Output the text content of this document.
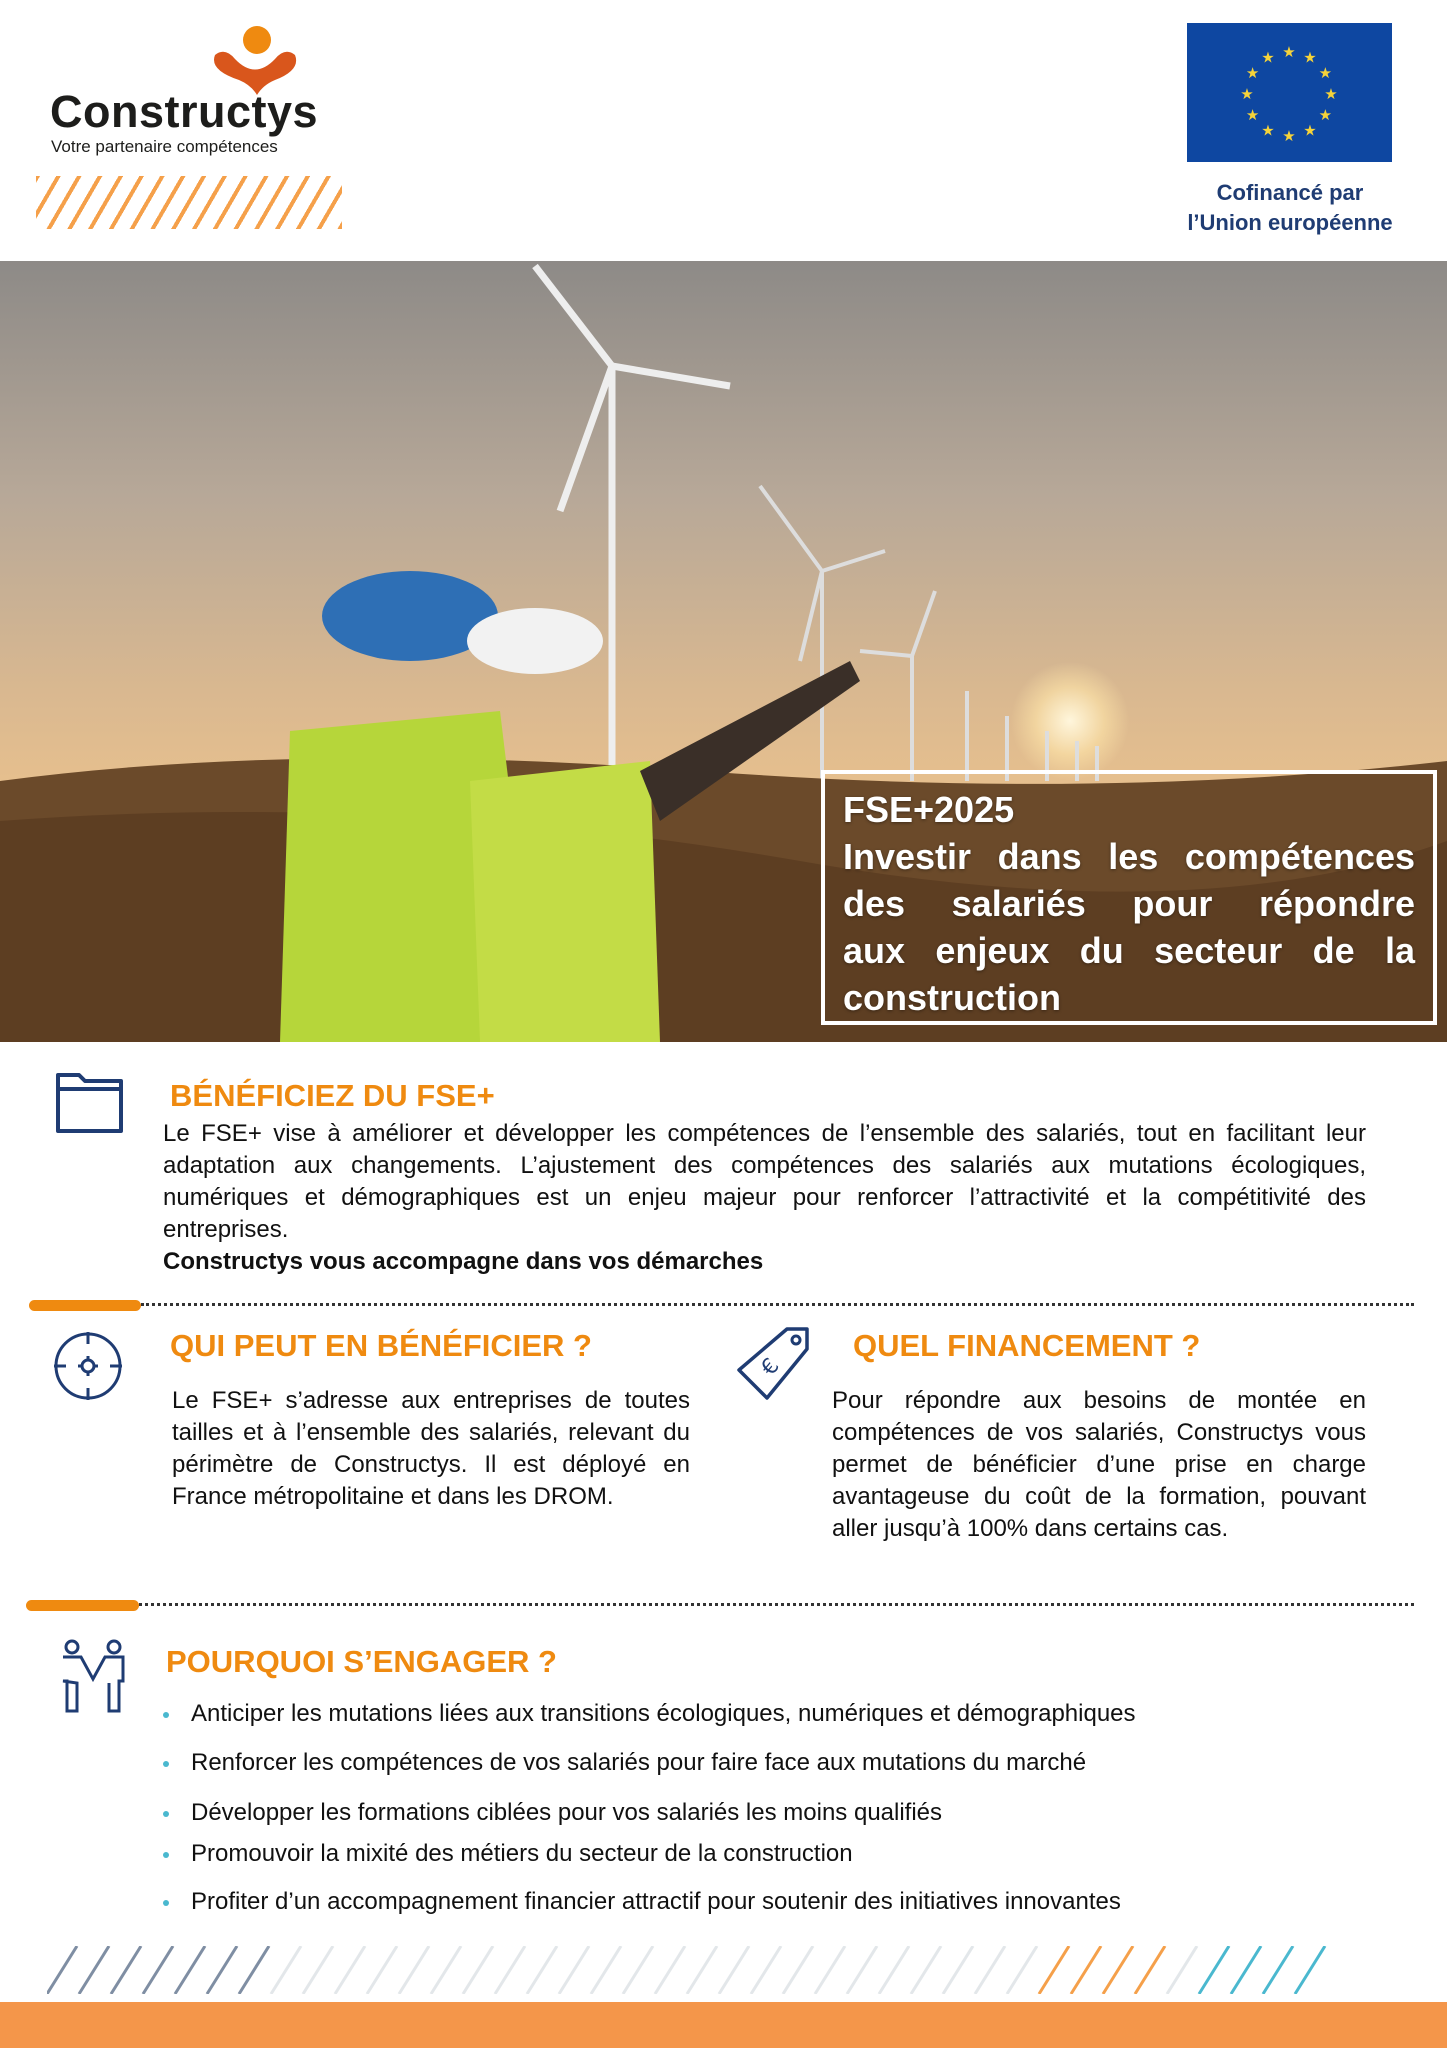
Constructys
Votre partenaire compétences
★ ★
★
★
★
★
★
★
★
★
★
★
Cofinancé par
l’Union européenne
FSE+2025
Investir dans les compétences
des salariés pour répondre
aux enjeux du secteur de la
construction
BÉNÉFICIEZ DU FSE+
Le FSE+ vise à améliorer et développer les compétences de l’ensemble des salariés, tout en facilitant leur adaptation aux changements. L’ajustement des compétences des salariés aux mutations écologiques, numériques et démographiques est un enjeu majeur pour renforcer l’attractivité et la compétitivité des entreprises.
Constructys vous accompagne dans vos démarches
QUI PEUT EN BÉNÉFICIER ?
Le FSE+ s’adresse aux entreprises de toutes tailles et à l’ensemble des salariés, relevant du périmètre de Constructys. Il est déployé en France métropolitaine et dans les DROM.
€
QUEL FINANCEMENT ?
Pour répondre aux besoins de montée en compétences de vos salariés, Constructys vous permet de bénéficier d’une prise en charge avantageuse du coût de la formation, pouvant aller jusqu’à 100% dans certains cas.
POURQUOI S’ENGAGER ?
Anticiper les mutations liées aux transitions écologiques, numériques et démographiques
Renforcer les compétences de vos salariés pour faire face aux mutations du marché
Développer les formations ciblées pour vos salariés les moins qualifiés
Promouvoir la mixité des métiers du secteur de la construction
Profiter d’un accompagnement financier attractif pour soutenir des initiatives innovantes
